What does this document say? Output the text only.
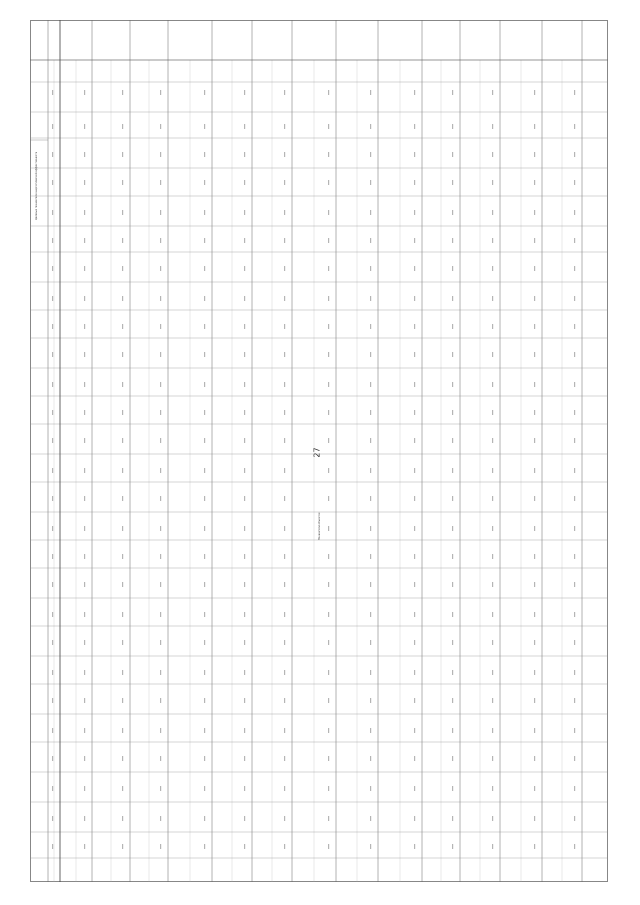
27
Показатели объектов
Целевые показатели энергетической эффективности
